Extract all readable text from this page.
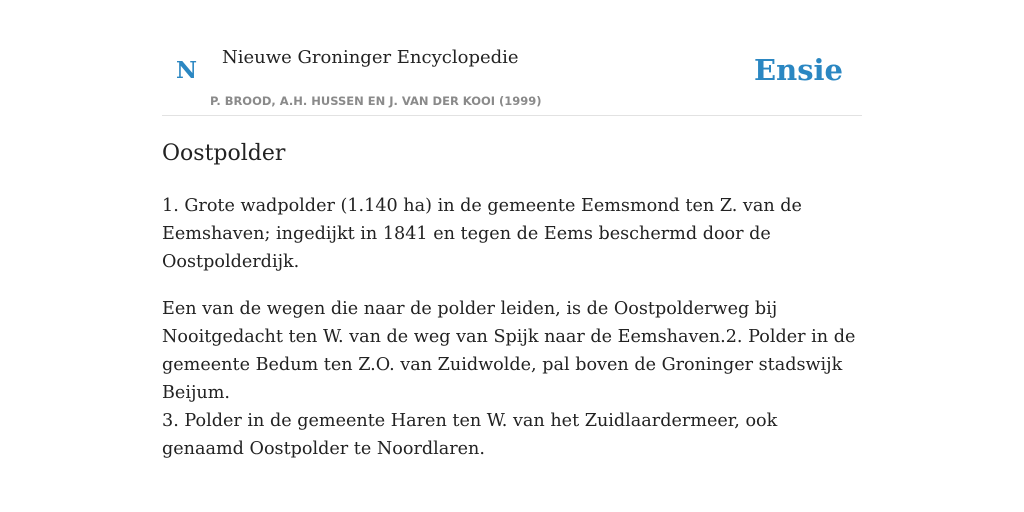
N Nieuwe Groninger Encyclopedie
P. BROOD, A.H. HUSSEN EN J. VAN DER KOOI (1999)
Ensie
Oostpolder

1. Grote wadpolder (1.140 ha) in de gemeente Eemsmond ten Z. van de Eemshaven; ingedijkt in 1841 en tegen de Eems beschermd door de Oostpolderdijk.

Een van de wegen die naar de polder leiden, is de Oostpolderweg bij Nooitgedacht ten W. van de weg van Spijk naar de Eemshaven.2. Polder in de gemeente Bedum ten Z.O. van Zuidwolde, pal boven de Groninger stadswijk Beijum.
3. Polder in de gemeente Haren ten W. van het Zuidlaardermeer, ook genaamd Oostpolder te Noordlaren.
